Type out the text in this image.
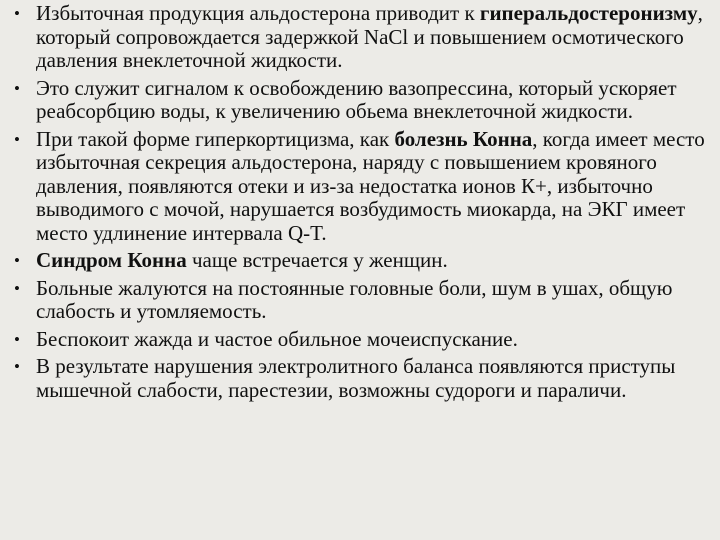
• Избыточная продукция альдостерона приводит к гиперальдостеронизму, который сопровождается задержкой NaCl и повышением осмотического давления внеклеточной жидкости.
• Это служит сигналом к освобождению вазопрессина, который ускоряет реабсорбцию воды, к увеличению обьема внеклеточной жидкости.
• При такой форме гиперкортицизма, как болезнь Конна, когда имеет место избыточная секреция альдостерона, наряду с повышением кровяного давления, появляются отеки и из-за недостатка ионов К+, избыточно выводимого с мочой, нарушается возбудимость миокарда, на ЭКГ имеет место удлинение интервала Q-T.
• Синдром Конна чаще встречается у женщин.
• Больные жалуются на постоянные головные боли, шум в ушах, общую слабость и утомляемость.
• Беспокоит жажда и частое обильное мочеиспускание.
• В результате нарушения электролитного баланса появляются приступы мышечной слабости, парестезии, возможны судороги и параличи.
